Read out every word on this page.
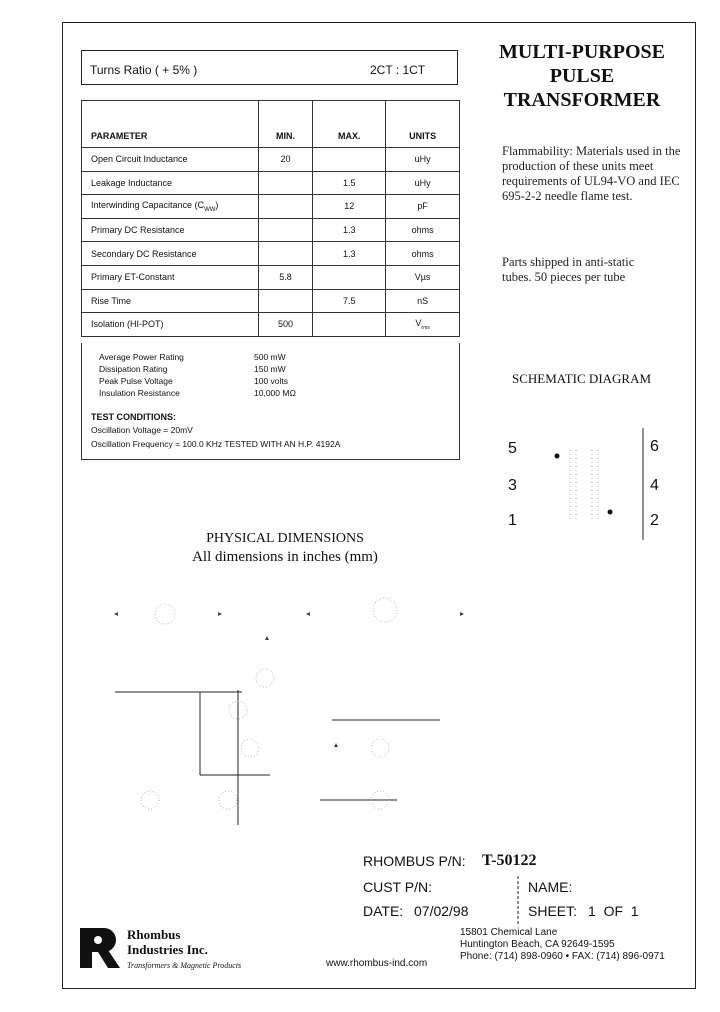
Turns Ratio ( + 5% )	2CT : 1CT
PARAMETER	MIN.	MAX.	UNITS
Open Circuit Inductance	20		uHy
Leakage Inductance		1.5	uHy
Interwinding Capacitance $(C_{WW})$		12	pF
Primary DC Resistance		1.3	ohms
Secondary DC Resistance		1.3	ohms
Primary ET-Constant	5.8		Vµs
Rise Time		7.5	nS
Isolation (HI-POT)	500		$V_{rms}$
Average Power Rating	500 mW
Dissipation Rating	150 mW
Peak Pulse Voltage	100 volts
Insulation Resistance	10,000 MΩ
TEST CONDITIONS:
Oscillation Voltage = 20mV
Oscillation Frequency = 100.0 KHz TESTED WITH AN H.P. 4192A
MULTI-PURPOSE
PULSE
TRANSFORMER
Flammability: Materials used in the production of these units meet requirements of UL94-VO and IEC 695-2-2 needle flame test.
Parts shipped in anti-static tubes. 50 pieces per tube
SCHEMATIC DIAGRAM
5
3
1
6
4
2
PHYSICAL DIMENSIONS
All dimensions in inches (mm)
RHOMBUS P/N: T-50122
CUST P/N:	NAME:
DATE: 07/02/98	SHEET: 1  OF  1
Rhombus
Industries Inc.
Transformers & Magnetic Products	www.rhombus-ind.com
15801 Chemical Lane
Huntington Beach, CA 92649-1595
Phone: (714) 898-0960 • FAX: (714) 896-0971
